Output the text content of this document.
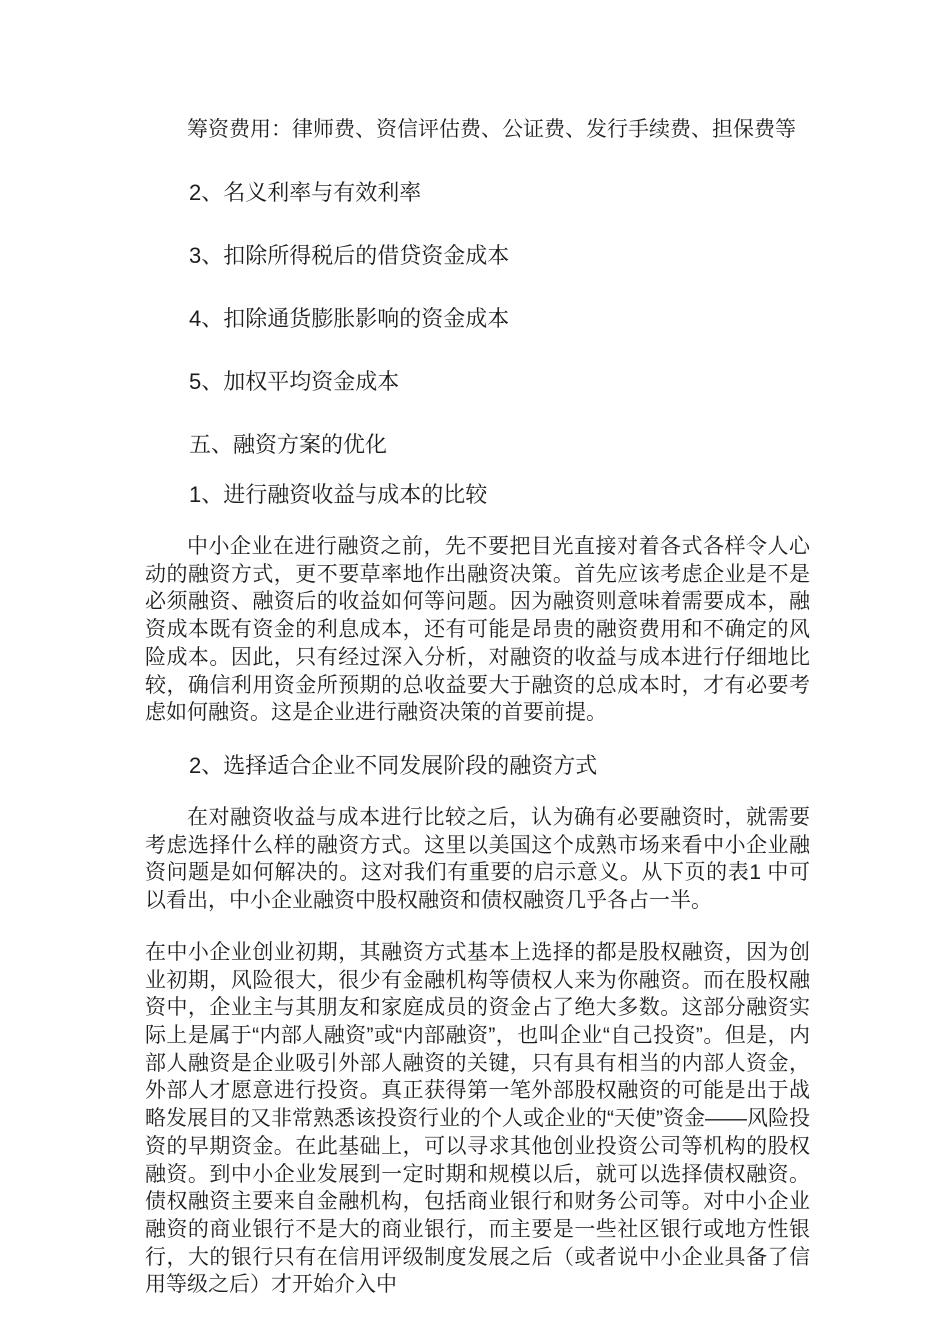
筹资费用：律师费、资信评估费、公证费、发行手续费、担保费等

2、名义利率与有效利率

3、扣除所得税后的借贷资金成本

4、扣除通货膨胀影响的资金成本

5、加权平均资金成本

五、融资方案的优化

1、进行融资收益与成本的比较

中小企业在进行融资之前，先不要把目光直接对着各式各样令人心动的融资方式，更不要草率地作出融资决策。首先应该考虑企业是不是必须融资、融资后的收益如何等问题。因为融资则意味着需要成本，融资成本既有资金的利息成本，还有可能是昂贵的融资费用和不确定的风险成本。因此，只有经过深入分析，对融资的收益与成本进行仔细地比较，确信利用资金所预期的总收益要大于融资的总成本时，才有必要考虑如何融资。这是企业进行融资决策的首要前提。

2、选择适合企业不同发展阶段的融资方式

在对融资收益与成本进行比较之后，认为确有必要融资时，就需要考虑选择什么样的融资方式。这里以美国这个成熟市场来看中小企业融资问题是如何解决的。这对我们有重要的启示意义。从下页的表1 中可以看出，中小企业融资中股权融资和债权融资几乎各占一半。

在中小企业创业初期，其融资方式基本上选择的都是股权融资，因为创业初期，风险很大，很少有金融机构等债权人来为你融资。而在股权融资中，企业主与其朋友和家庭成员的资金占了绝大多数。这部分融资实际上是属于“内部人融资”或“内部融资”，也叫企业“自己投资”。但是，内部人融资是企业吸引外部人融资的关键，只有具有相当的内部人资金，外部人才愿意进行投资。真正获得第一笔外部股权融资的可能是出于战略发展目的又非常熟悉该投资行业的个人或企业的“天使”资金——风险投资的早期资金。在此基础上，可以寻求其他创业投资公司等机构的股权融资。到中小企业发展到一定时期和规模以后，就可以选择债权融资。债权融资主要来自金融机构，包括商业银行和财务公司等。对中小企业融资的商业银行不是大的商业银行，而主要是一些社区银行或地方性银行，大的银行只有在信用评级制度发展之后（或者说中小企业具备了信用等级之后）才开始介入中
